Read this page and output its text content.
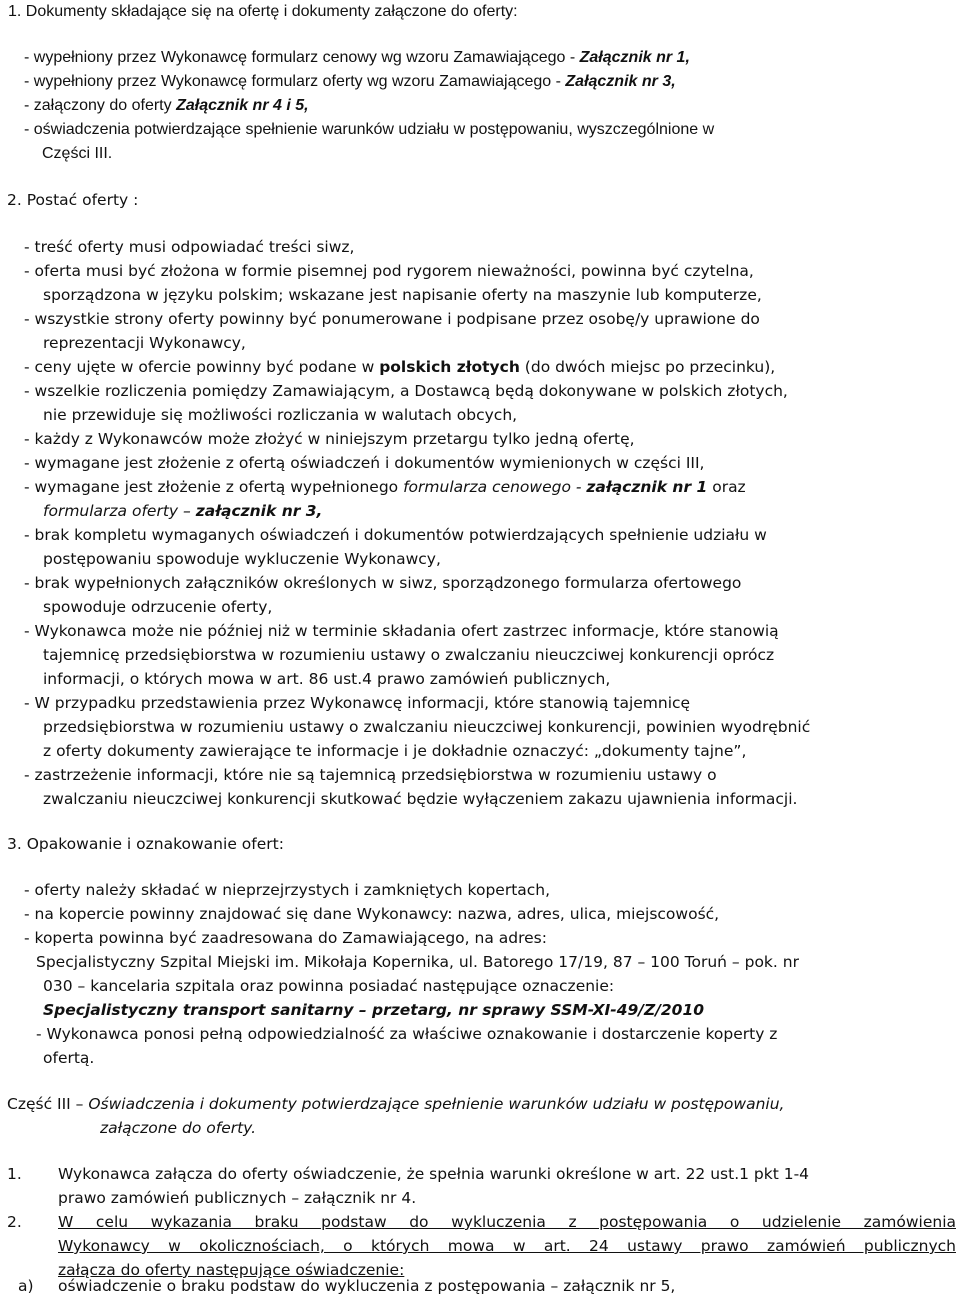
1. Dokumenty składające się na ofertę i dokumenty załączone do oferty:
- wypełniony przez Wykonawcę formularz cenowy wg wzoru Zamawiającego - Załącznik nr 1,
- wypełniony przez Wykonawcę formularz oferty wg wzoru Zamawiającego - Załącznik nr 3,
- załączony do oferty Załącznik nr 4 i 5,
- oświadczenia potwierdzające spełnienie warunków udziału w postępowaniu, wyszczególnione w
Części III.
2. Postać oferty :
- treść oferty musi odpowiadać treści siwz,
- oferta musi być złożona w formie pisemnej pod rygorem nieważności, powinna być czytelna,
sporządzona w języku polskim; wskazane jest napisanie oferty na maszynie lub komputerze,
- wszystkie strony oferty powinny być ponumerowane i podpisane przez osobę/y uprawione do
reprezentacji Wykonawcy,
- ceny ujęte w ofercie powinny być podane w polskich złotych (do dwóch miejsc po przecinku),
- wszelkie rozliczenia pomiędzy Zamawiającym, a Dostawcą będą dokonywane w polskich złotych,
nie przewiduje się możliwości rozliczania w walutach obcych,
- każdy z Wykonawców może złożyć w niniejszym przetargu tylko jedną ofertę,
- wymagane jest złożenie z ofertą oświadczeń i dokumentów wymienionych w części III,
- wymagane jest złożenie z ofertą wypełnionego formularza cenowego - załącznik nr 1 oraz
formularza oferty – załącznik nr 3,
- brak kompletu wymaganych oświadczeń i dokumentów potwierdzających spełnienie udziału w
postępowaniu spowoduje wykluczenie Wykonawcy,
- brak wypełnionych załączników określonych w siwz, sporządzonego formularza ofertowego
spowoduje odrzucenie oferty,
- Wykonawca może nie później niż w terminie składania ofert zastrzec informacje, które stanowią
tajemnicę przedsiębiorstwa w rozumieniu ustawy o zwalczaniu nieuczciwej konkurencji oprócz
informacji, o których mowa w art. 86 ust.4 prawo zamówień publicznych,
- W przypadku przedstawienia przez Wykonawcę informacji, które stanowią tajemnicę
przedsiębiorstwa w rozumieniu ustawy o zwalczaniu nieuczciwej konkurencji, powinien wyodrębnić
z oferty dokumenty zawierające te informacje i je dokładnie oznaczyć: „dokumenty tajne”,
- zastrzeżenie informacji, które nie są tajemnicą przedsiębiorstwa w rozumieniu ustawy o
zwalczaniu nieuczciwej konkurencji skutkować będzie wyłączeniem zakazu ujawnienia informacji.
3. Opakowanie i oznakowanie ofert:
- oferty należy składać w nieprzejrzystych i zamkniętych kopertach,
- na kopercie powinny znajdować się dane Wykonawcy: nazwa, adres, ulica, miejscowość,
- koperta powinna być zaadresowana do Zamawiającego, na adres:
Specjalistyczny Szpital Miejski im. Mikołaja Kopernika, ul. Batorego 17/19, 87 – 100 Toruń – pok. nr
030 – kancelaria szpitala oraz powinna posiadać następujące oznaczenie:
Specjalistyczny transport sanitarny – przetarg, nr sprawy SSM-XI-49/Z/2010
- Wykonawca ponosi pełną odpowiedzialność za właściwe oznakowanie i dostarczenie koperty z
ofertą.
Część III – Oświadczenia i dokumenty potwierdzające spełnienie warunków udziału w postępowaniu,
załączone do oferty.
1. Wykonawca załącza do oferty oświadczenie, że spełnia warunki określone w art. 22 ust.1 pkt 1-4
prawo zamówień publicznych – załącznik nr 4.
2. W celu wykazania braku podstaw do wykluczenia z postępowania o udzielenie zamówienia
Wykonawcy w okolicznościach, o których mowa w art. 24 ustawy prawo zamówień publicznych
załącza do oferty następujące oświadczenie:
a) oświadczenie o braku podstaw do wykluczenia z postępowania – załącznik nr 5,
